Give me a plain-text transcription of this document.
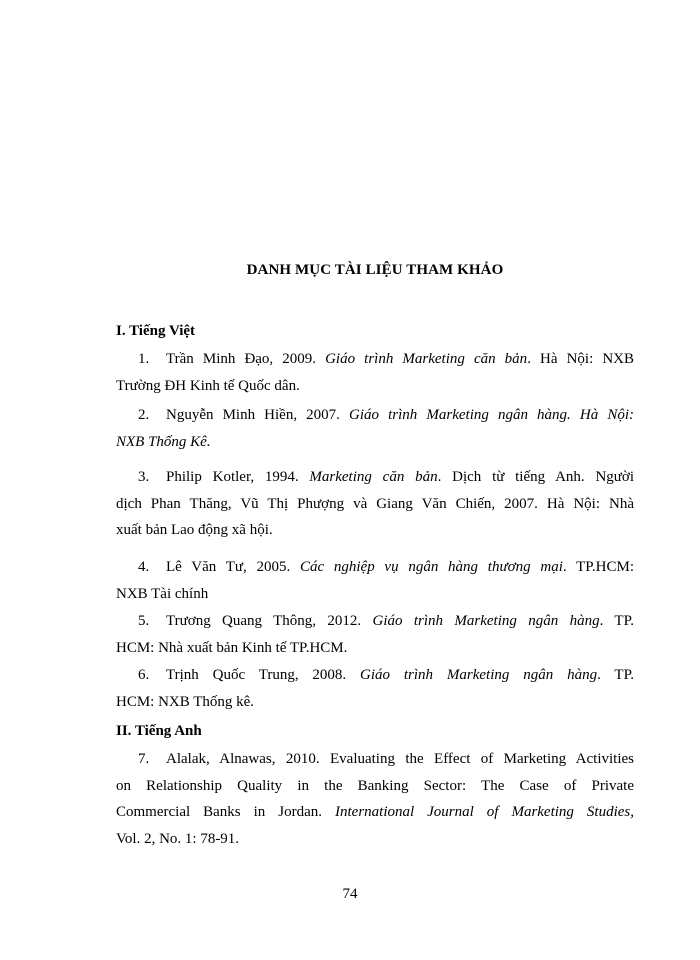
DANH MỤC TÀI LIỆU THAM KHẢO
I. Tiếng Việt
1. Trần Minh Đạo, 2009. Giáo trình Marketing căn bản. Hà Nội: NXB
Trường ĐH Kinh tế Quốc dân.
2. Nguyễn Minh Hiền, 2007. Giáo trình Marketing ngân hàng. Hà Nội:
NXB Thống Kê.
3. Philip Kotler, 1994. Marketing căn bản. Dịch từ tiếng Anh. Người
dịch Phan Thăng, Vũ Thị Phượng và Giang Văn Chiến, 2007. Hà Nội: Nhà
xuất bản Lao động xã hội.
4. Lê Văn Tư, 2005. Các nghiệp vụ ngân hàng thương mại. TP.HCM:
NXB Tài chính
5. Trương Quang Thông, 2012. Giáo trình Marketing ngân hàng. TP.
HCM: Nhà xuất bản Kinh tế TP.HCM.
6. Trịnh Quốc Trung, 2008. Giáo trình Marketing ngân hàng. TP.
HCM: NXB Thống kê.
II. Tiếng Anh
7. Alalak, Alnawas, 2010. Evaluating the Effect of Marketing Activities
on Relationship Quality in the Banking Sector: The Case of Private
Commercial Banks in Jordan. International Journal of Marketing Studies,
Vol. 2, No. 1: 78-91.
74
